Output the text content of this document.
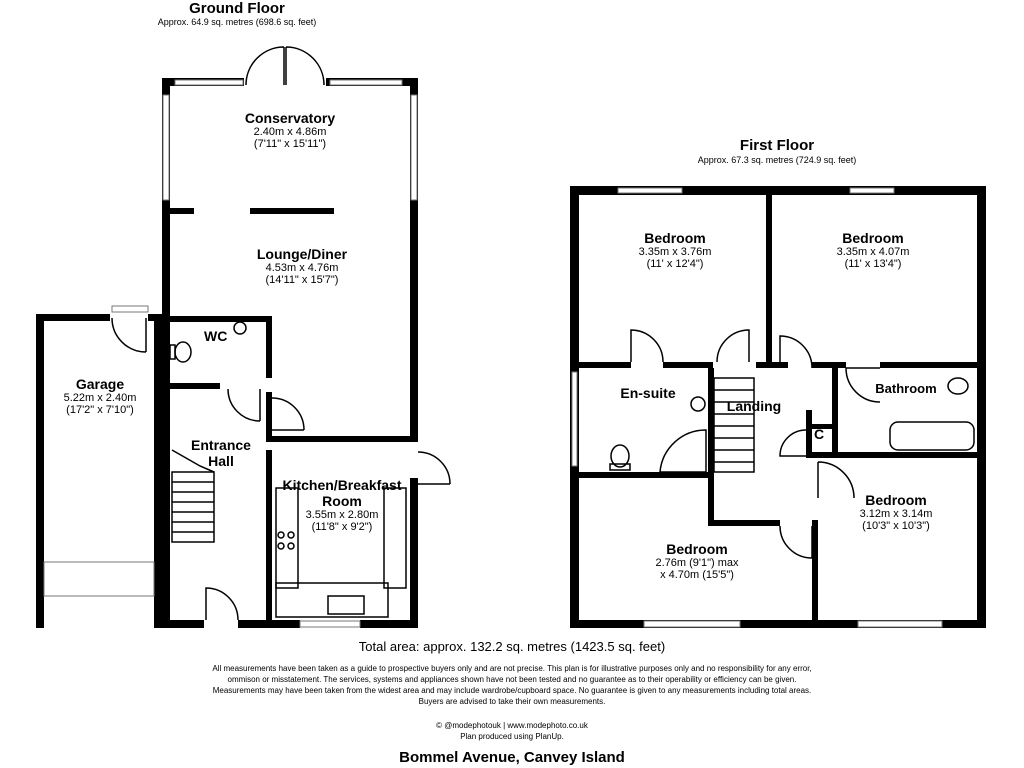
Ground Floor
Approx. 64.9 sq. metres (698.6 sq. feet)
Conservatory
2.40m x 4.86m
(7'11" x 15'11")
Lounge/Diner
4.53m x 4.76m
(14'11" x 15'7")
WC
Garage
5.22m x 2.40m
(17'2" x 7'10")
Entrance
Hall
Kitchen/Breakfast
Room
3.55m x 2.80m
(11'8" x 9'2")
First Floor
Approx. 67.3 sq. metres (724.9 sq. feet)
Bedroom
3.35m x 3.76m
(11' x 12'4")
Bedroom
3.35m x 4.07m
(11' x 13'4")
En-suite
Landing
Bathroom
C
Bedroom
3.12m x 3.14m
(10'3" x 10'3")
Bedroom
2.76m (9'1") max
x 4.70m (15'5")
Total area: approx. 132.2 sq. metres (1423.5 sq. feet)
All measurements have been taken as a guide to prospective buyers only and are not precise. This plan is for illustrative purposes only and no responsibility for any error,
ommison or misstatement. The services, systems and appliances shown have not been tested and no guarantee as to their operability or efficiency can be given.
Measurements may have been taken from the widest area and may include wardrobe/cupboard space. No guarantee is given to any measurements including total areas.
Buyers are advised to take their own measurements.
© @modephotouk | www.modephoto.co.uk
Plan produced using PlanUp.
Bommel Avenue, Canvey Island
